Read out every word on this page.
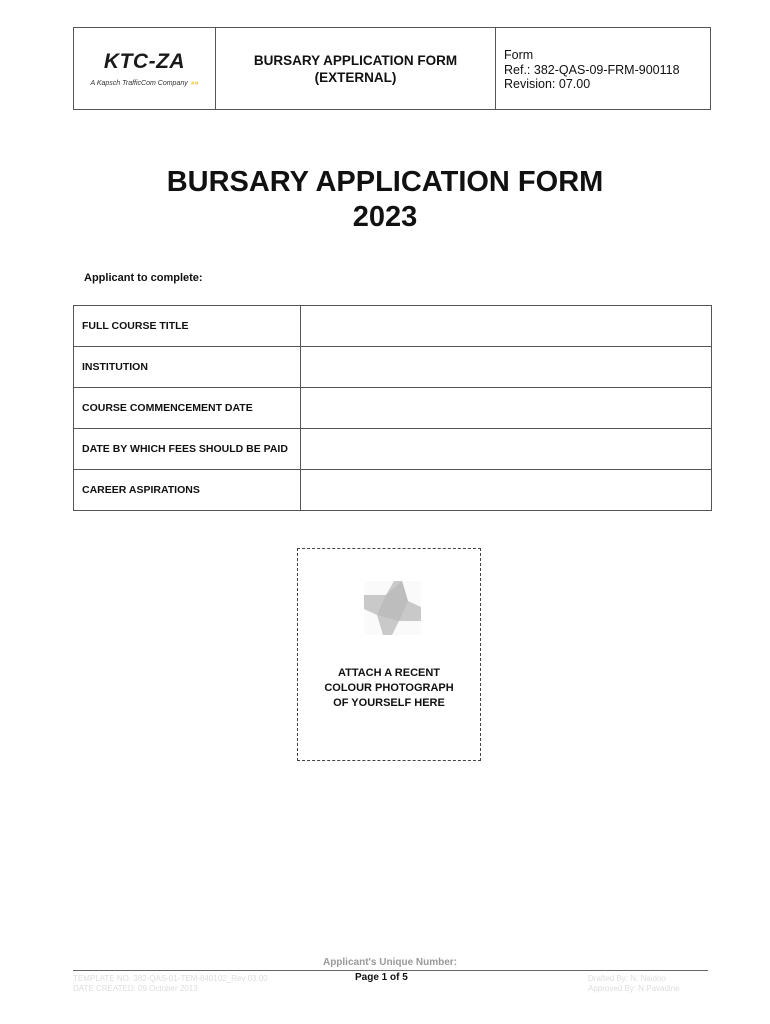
KTC-ZA
A Kapsch TrafficCom Company »»
BURSARY APPLICATION FORM
(EXTERNAL)
Form
Ref.: 382-QAS-09-FRM-900118
Revision: 07.00
BURSARY APPLICATION FORM
2023
Applicant to complete:
FULL COURSE TITLE	
INSTITUTION	
COURSE COMMENCEMENT DATE	
DATE BY WHICH FEES SHOULD BE PAID	
CAREER ASPIRATIONS	
ATTACH A RECENT
COLOUR PHOTOGRAPH
OF YOURSELF HERE
Applicant's Unique Number:
TEMPLATE NO. 382-QAS-01-TEM-840102_Rev 03.00
DATE CREATED: 09 October 2013
Page 1 of 5	Drafted By: N. Naidoo
Approved By: N.Pavadine
